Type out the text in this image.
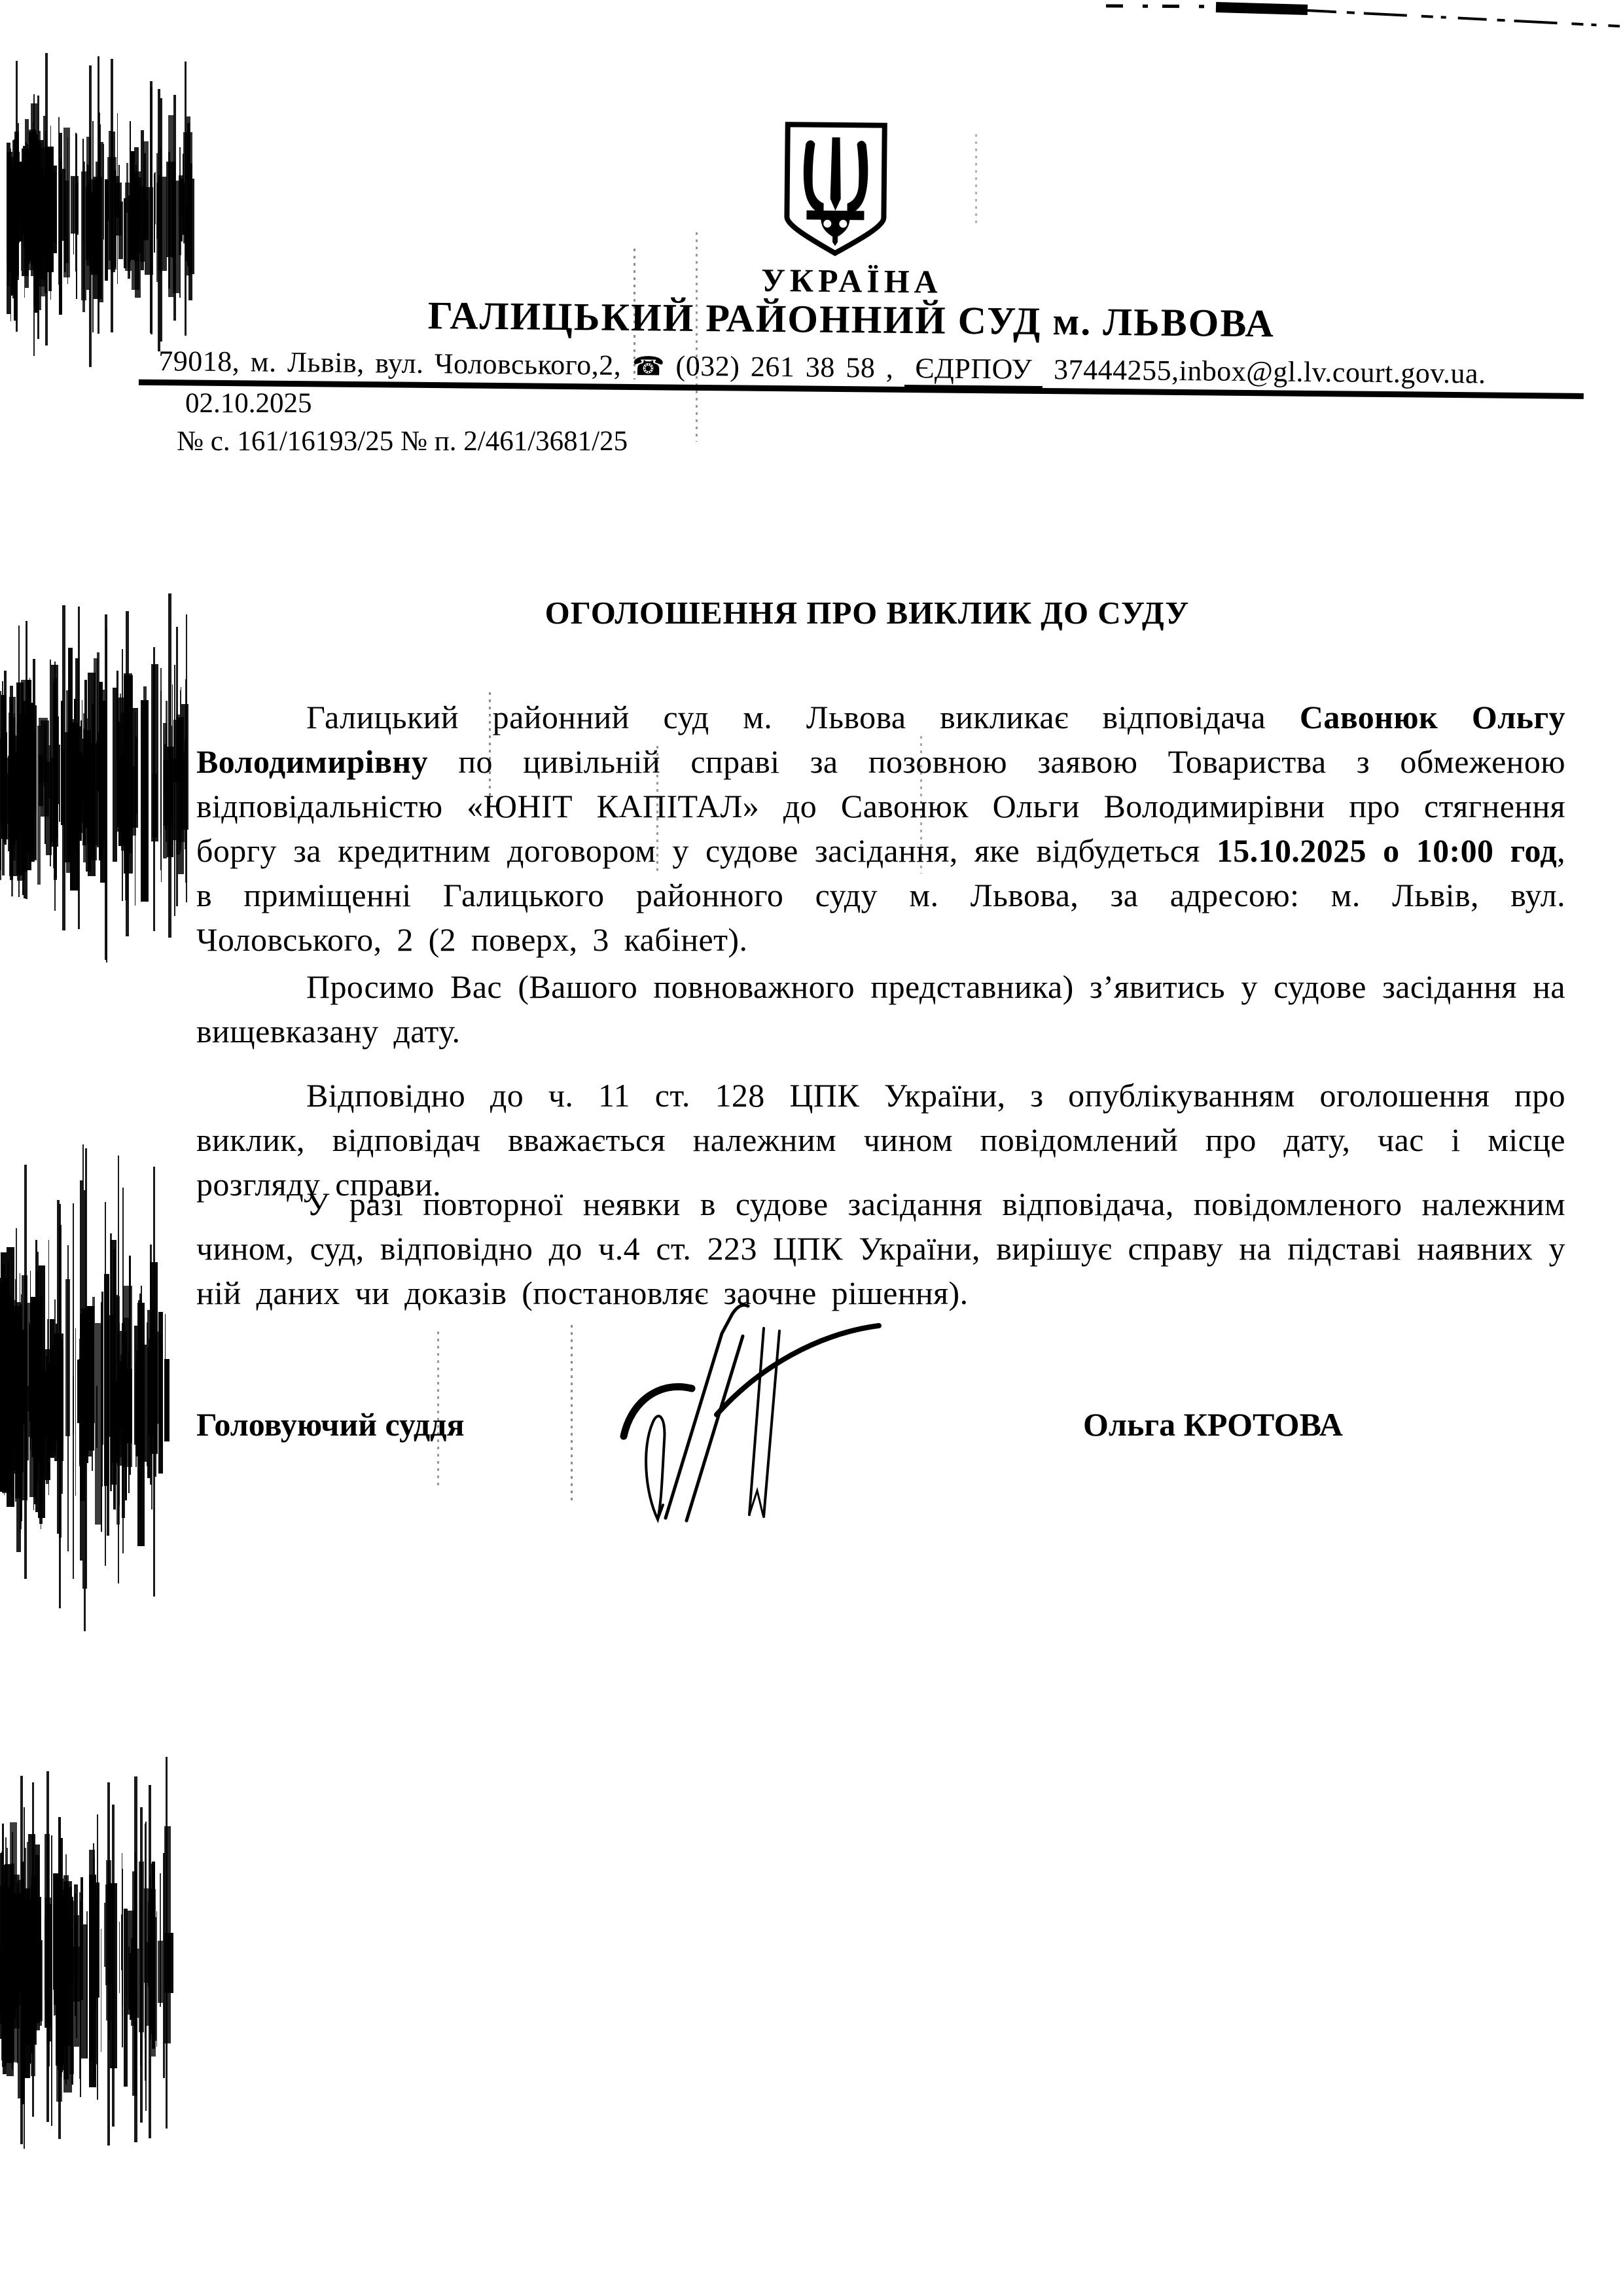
УКРАЇНА
ГАЛИЦЬКИЙ РАЙОННИЙ СУД м. ЛЬВОВА
79018, м. Львів, вул. Чоловського,2, ☎ (032) 261 38 58 ,  ЄДРПОУ  37444255,inbox@gl.lv.court.gov.ua.
02.10.2025
№ с. 161/16193/25 № п. 2/461/3681/25
ОГОЛОШЕННЯ ПРО ВИКЛИК ДО СУДУ
Галицький районний суд м. Львова викликає відповідача Савонюк Ольгу Володимирівну по цивільній справі за позовною заявою Товариства з обмеженою відповідальністю «ЮНІТ КАПІТАЛ» до Савонюк Ольги Володимирівни про стягнення боргу за кредитним договором у судове засідання, яке відбудеться 15.10.2025 о 10:00 год, в приміщенні Галицького районного суду м. Львова, за адресою: м. Львів, вул. Чоловського, 2 (2 поверх, 3 кабінет).
Просимо Вас (Вашого повноважного представника) з’явитись у судове засідання на вищевказану дату.
Відповідно до ч. 11 ст. 128 ЦПК України, з опублікуванням оголошення про виклик, відповідач вважається належним чином повідомлений про дату, час і місце розгляду справи.
У разі повторної неявки в судове засідання відповідача, повідомленого належним чином, суд, відповідно до ч.4 ст. 223 ЦПК України, вирішує справу на підставі наявних у ній даних чи доказів (постановляє заочне рішення).
Головуючий суддя	Ольга КРОТОВА
